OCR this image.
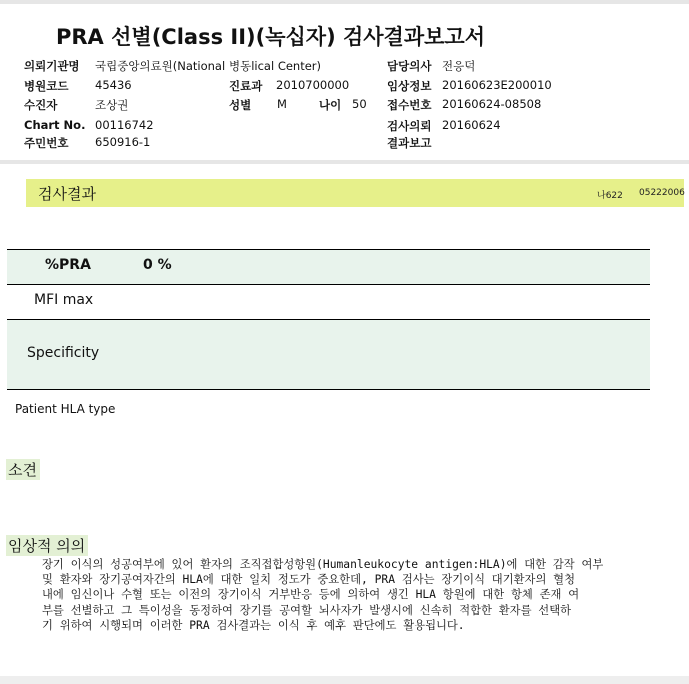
PRA 선별(Class II)(녹십자) 검사결과보고서
의뢰기관명 국립중앙의료원(National 병동lical Center)	담당의사 전응덕
병원코드 45436	진료과 2010700000	임상정보 20160623E200010
수진자	조상권	성별 M	나이 50 접수번호 20160624-08508
Chart No. 00116742	검사의뢰 20160624
주민번호 650916-1	결과보고
검사결과	나622 05222006
%PRA	0 %
MFI max
Specificity
Patient HLA type
소견
임상적 의의
장기 이식의 성공여부에 있어 환자의 조직접합성항원(Humanleukocyte antigen:HLA)에 대한 감작 여부
및 환자와 장기공여자간의 HLA에 대한 일치 정도가 중요한데, PRA 검사는 장기이식 대기환자의 혈청
내에 임신이나 수혈 또는 이전의 장기이식 거부반응 등에 의하여 생긴 HLA 항원에 대한 항체 존재 여
부를 선별하고 그 특이성을 동정하여 장기를 공여할 뇌사자가 발생시에 신속히 적합한 환자를 선택하
기 위하여 시행되며 이러한 PRA 검사결과는 이식 후 예후 판단에도 활용됩니다.
